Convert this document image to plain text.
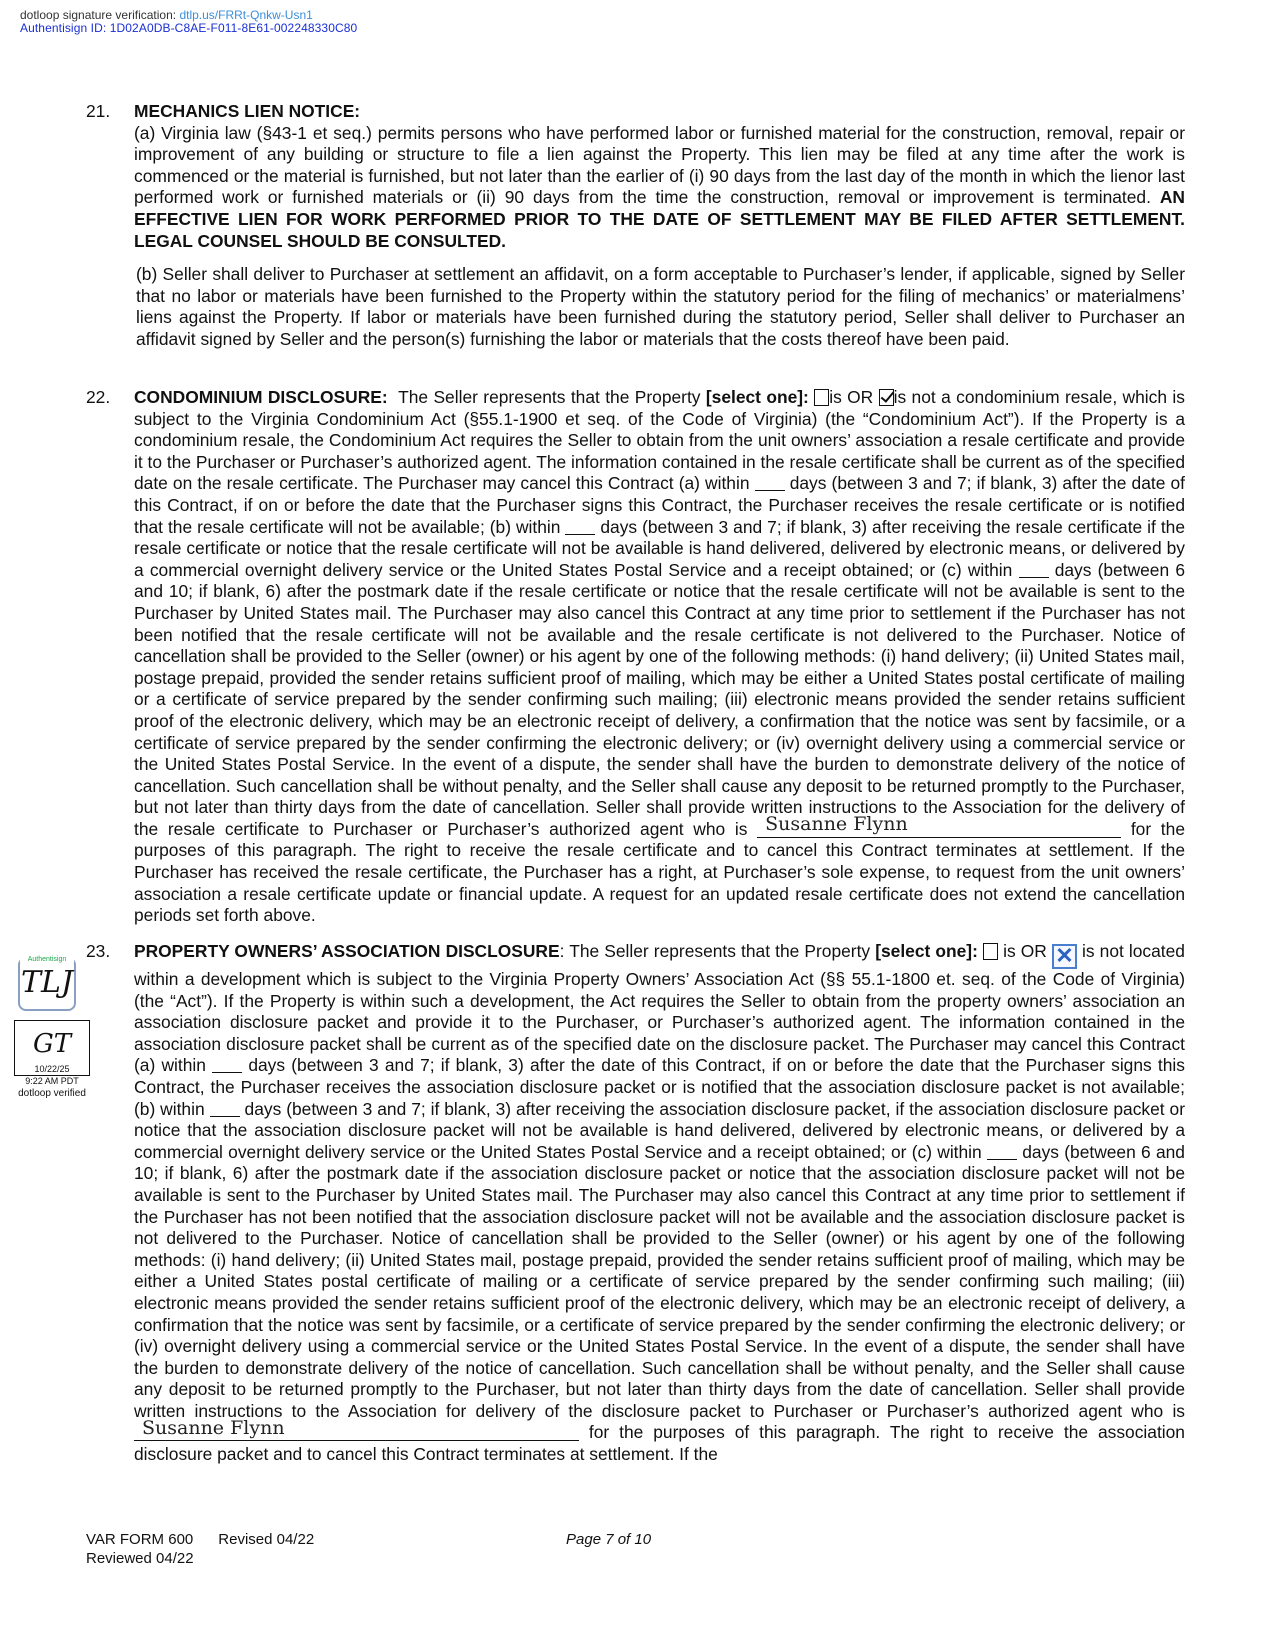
dotloop signature verification: dtlp.us/FRRt-Qnkw-Usn1
Authentisign ID: 1D02A0DB-C8AE-F011-8E61-002248330C80
21. MECHANICS LIEN NOTICE:

(a) Virginia law (§43-1 et seq.) permits persons who have performed labor or furnished material for the construction, removal, repair or improvement of any building or structure to file a lien against the Property. This lien may be filed at any time after the work is commenced or the material is furnished, but not later than the earlier of (i) 90 days from the last day of the month in which the lienor last performed work or furnished materials or (ii) 90 days from the time the construction, removal or improvement is terminated. AN EFFECTIVE LIEN FOR WORK PERFORMED PRIOR TO THE DATE OF SETTLEMENT MAY BE FILED AFTER SETTLEMENT. LEGAL COUNSEL SHOULD BE CONSULTED.

(b) Seller shall deliver to Purchaser at settlement an affidavit, on a form acceptable to Purchaser’s lender, if applicable, signed by Seller that no labor or materials have been furnished to the Property within the statutory period for the filing of mechanics’ or materialmens’ liens against the Property. If labor or materials have been furnished during the statutory period, Seller shall deliver to Purchaser an affidavit signed by Seller and the person(s) furnishing the labor or materials that the costs thereof have been paid.
22. CONDOMINIUM DISCLOSURE: The Seller represents that the Property [select one]: is OR is not a condominium resale, which is subject to the Virginia Condominium Act (§55.1-1900 et seq. of the Code of Virginia) (the “Condominium Act”). If the Property is a condominium resale, the Condominium Act requires the Seller to obtain from the unit owners’ association a resale certificate and provide it to the Purchaser or Purchaser’s authorized agent. The information contained in the resale certificate shall be current as of the specified date on the resale certificate. The Purchaser may cancel this Contract (a) within days (between 3 and 7; if blank, 3) after the date of this Contract, if on or before the date that the Purchaser signs this Contract, the Purchaser receives the resale certificate or is notified that the resale certificate will not be available; (b) within days (between 3 and 7; if blank, 3) after receiving the resale certificate if the resale certificate or notice that the resale certificate will not be available is hand delivered, delivered by electronic means, or delivered by a commercial overnight delivery service or the United States Postal Service and a receipt obtained; or (c) within days (between 6 and 10; if blank, 6) after the postmark date if the resale certificate or notice that the resale certificate will not be available is sent to the Purchaser by United States mail. The Purchaser may also cancel this Contract at any time prior to settlement if the Purchaser has not been notified that the resale certificate will not be available and the resale certificate is not delivered to the Purchaser. Notice of cancellation shall be provided to the Seller (owner) or his agent by one of the following methods: (i) hand delivery; (ii) United States mail, postage prepaid, provided the sender retains sufficient proof of mailing, which may be either a United States postal certificate of mailing or a certificate of service prepared by the sender confirming such mailing; (iii) electronic means provided the sender retains sufficient proof of the electronic delivery, which may be an electronic receipt of delivery, a confirmation that the notice was sent by facsimile, or a certificate of service prepared by the sender confirming the electronic delivery; or (iv) overnight delivery using a commercial service or the United States Postal Service. In the event of a dispute, the sender shall have the burden to demonstrate delivery of the notice of cancellation. Such cancellation shall be without penalty, and the Seller shall cause any deposit to be returned promptly to the Purchaser, but not later than thirty days from the date of cancellation. Seller shall provide written instructions to the Association for the delivery of the resale certificate to Purchaser or Purchaser’s authorized agent who is Susanne Flynn	for the purposes of this paragraph. The right to receive the resale certificate and to cancel this Contract terminates at settlement. If the Purchaser has received the resale certificate, the Purchaser has a right, at Purchaser’s sole expense, to request from the unit owners’ association a resale certificate update or financial update. A request for an updated resale certificate does not extend the cancellation periods set forth above.

23. PROPERTY OWNERS’ ASSOCIATION DISCLOSURE: The Seller represents that the Property [select one]: is OR ✕ is not located within a development which is subject to the Virginia Property Owners’ Association Act (§§ 55.1-1800 et. seq. of the Code of Virginia) (the “Act”). If the Property is within such a development, the Act requires the Seller to obtain from the property owners’ association an association disclosure packet and provide it to the Purchaser, or Purchaser’s authorized agent. The information contained in the association disclosure packet shall be current as of the specified date on the disclosure packet. The Purchaser may cancel this Contract (a) within days (between 3 and 7; if blank, 3) after the date of this Contract, if on or before the date that the Purchaser signs this Contract, the Purchaser receives the association disclosure packet or is notified that the association disclosure packet is not available; (b) within days (between 3 and 7; if blank, 3) after receiving the association disclosure packet, if the association disclosure packet or notice that the association disclosure packet will not be available is hand delivered, delivered by electronic means, or delivered by a commercial overnight delivery service or the United States Postal Service and a receipt obtained; or (c) within days (between 6 and 10; if blank, 6) after the postmark date if the association disclosure packet or notice that the association disclosure packet will not be available is sent to the Purchaser by United States mail. The Purchaser may also cancel this Contract at any time prior to settlement if the Purchaser has not been notified that the association disclosure packet will not be available and the association disclosure packet is not delivered to the Purchaser. Notice of cancellation shall be provided to the Seller (owner) or his agent by one of the following methods: (i) hand delivery; (ii) United States mail, postage prepaid, provided the sender retains sufficient proof of mailing, which may be either a United States postal certificate of mailing or a certificate of service prepared by the sender confirming such mailing; (iii) electronic means provided the sender retains sufficient proof of the electronic delivery, which may be an electronic receipt of delivery, a confirmation that the notice was sent by facsimile, or a certificate of service prepared by the sender confirming the electronic delivery; or (iv) overnight delivery using a commercial service or the United States Postal Service. In the event of a dispute, the sender shall have the burden to demonstrate delivery of the notice of cancellation. Such cancellation shall be without penalty, and the Seller shall cause any deposit to be returned promptly to the Purchaser, but not later than thirty days from the date of cancellation. Seller shall provide written instructions to the Association for delivery of the disclosure packet to Purchaser or Purchaser’s authorized agent who is
Susanne Flynn	for the purposes of this paragraph. The right to receive the association disclosure packet and to cancel this Contract terminates at settlement. If the

Authentisign
TLJ
GT
10/22/25
9:22 AM PDT
dotloop verified
VAR FORM 600 Revised 04/22
Reviewed 04/22
Page 7 of 10
